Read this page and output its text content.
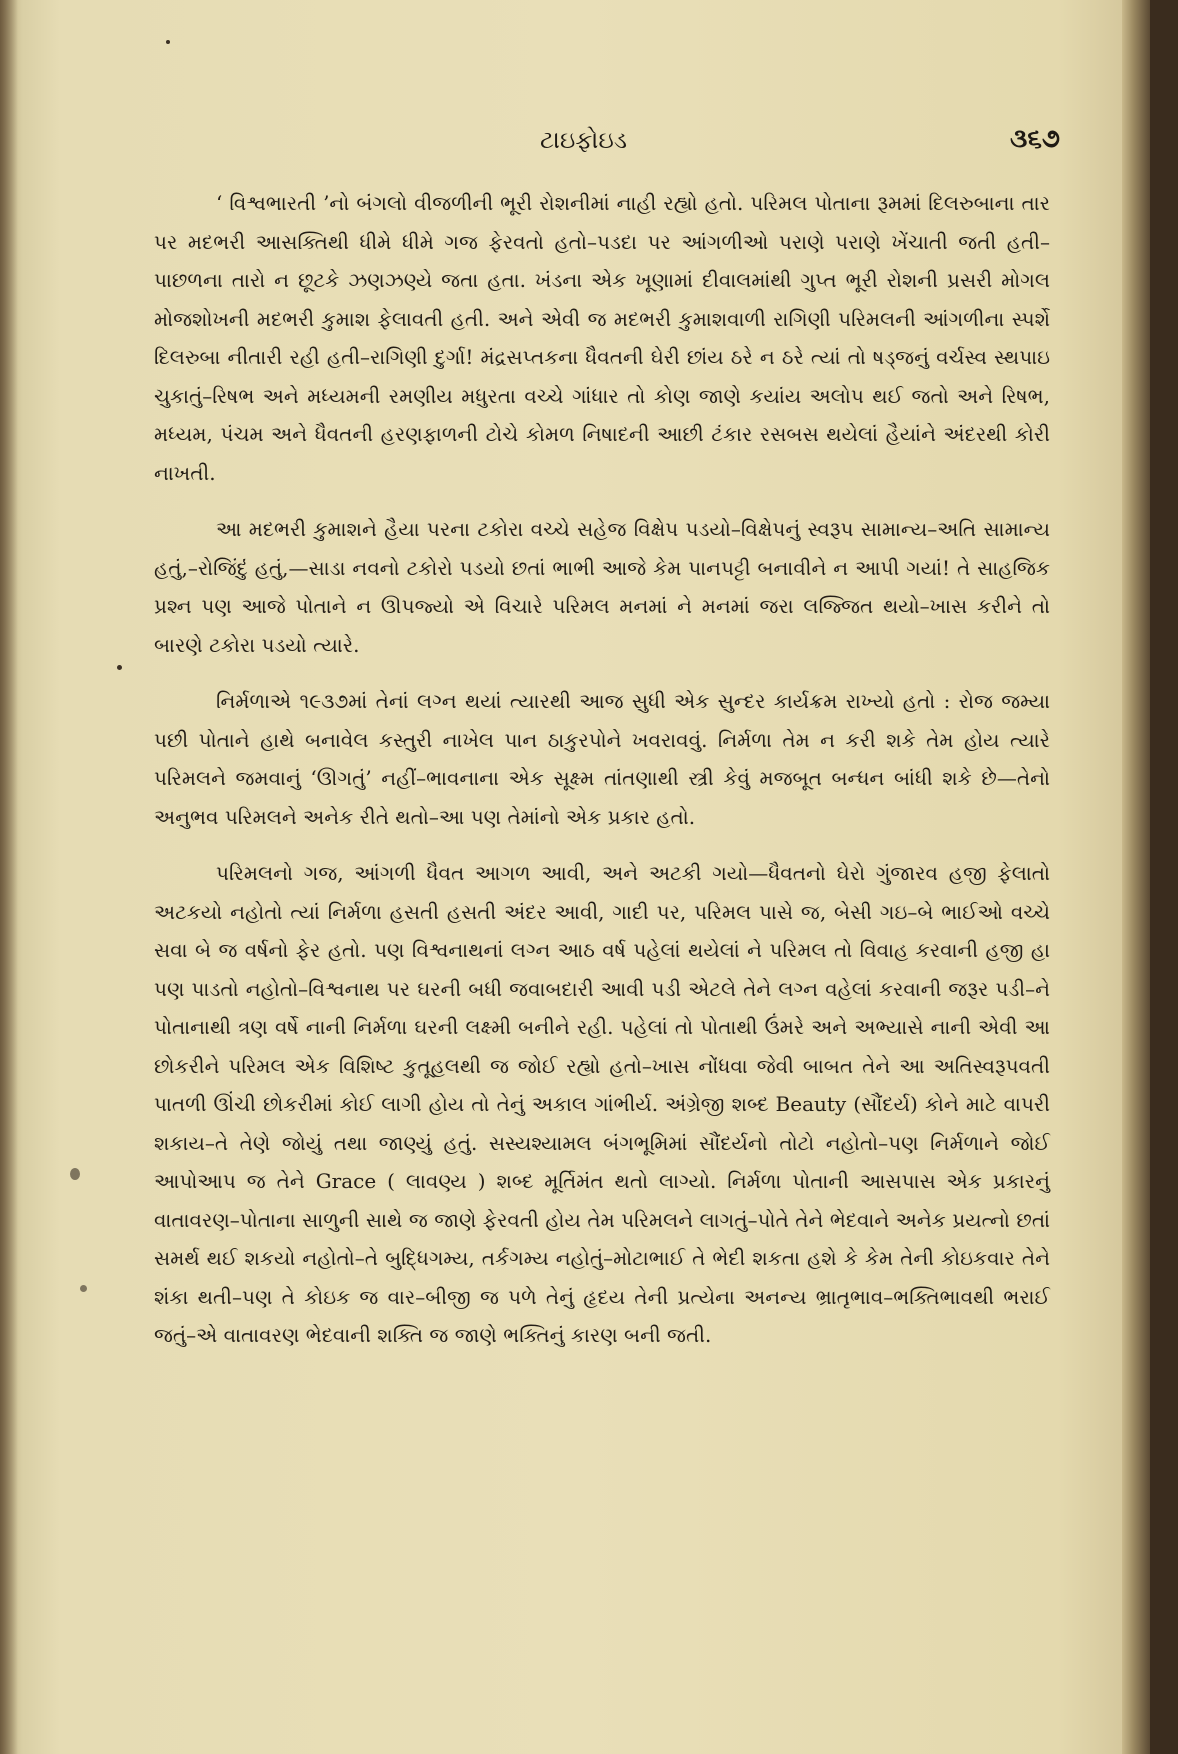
ટાઇફોઇડ	૩૬૭

‘ વિશ્વભારતી ’નો બંગલો વીજળીની ભૂરી રોશનીમાં નાહી રહ્યો હતો. પરિમલ પોતાના રૂમમાં દિલરુબાના તાર પર મદભરી આસક્તિથી ધીમે ધીમે ગજ ફેરવતો હતો–પડદા પર આંગળીઓ પરાણે પરાણે ખેંચાતી જતી હતી–પાછળના તારો ન છૂટકે ઝણઝણ્યે જતા હતા. ખંડના એક ખૂણામાં દીવાલમાંથી ગુપ્ત ભૂરી રોશની પ્રસરી મોગલ મોજશોખની મદભરી કુમાશ ફેલાવતી હતી. અને એવી જ મદભરી કુમાશવાળી રાગિણી પરિમલની આંગળીના સ્પર્શે દિલરુબા નીતારી રહી હતી–રાગિણી દુર્ગા! મંદ્રસપ્તકના ધૈવતની ઘેરી છાંય ઠરે ન ઠરે ત્યાં તો ષડ્જનું વર્ચસ્વ સ્થપાઇ ચુકાતું–રિષભ અને મધ્યમની રમણીય મધુરતા વચ્ચે ગાંધાર તો કોણ જાણે કયાંય અલોપ થઈ જતો અને રિષભ, મધ્યમ, પંચમ અને ધૈવતની હરણફાળની ટોચે કોમળ નિષાદની આછી ટંકાર રસબસ થયેલાં હૈયાંને અંદરથી કોરી નાખતી.

આ મદભરી કુમાશને હૈયા પરના ટકોરા વચ્ચે સહેજ વિક્ષેપ પડયો–વિક્ષેપનું સ્વરૂપ સામાન્ય–અતિ સામાન્ય હતું,–રોજિંદું હતું,—સાડા નવનો ટકોરો પડયો છતાં ભાભી આજે કેમ પાનપટ્ટી બનાવીને ન આપી ગયાં! તે સાહજિક પ્રશ્ન પણ આજે પોતાને ન ઊપજ્યો એ વિચારે પરિમલ મનમાં ને મનમાં જરા લજ્જિત થયો–ખાસ કરીને તો બારણે ટકોરા પડયો ત્યારે.

નિર્મળાએ ૧૯૩૭માં તેનાં લગ્ન થયાં ત્યારથી આજ સુધી એક સુન્દર કાર્યક્રમ રાખ્યો હતો : રોજ જમ્યા પછી પોતાને હાથે બનાવેલ કસ્તુરી નાખેલ પાન ઠાકુરપોને ખવરાવવું. નિર્મળા તેમ ન કરી શકે તેમ હોય ત્યારે પરિમલને જમવાનું ‘ઊગતું’ નહીં–ભાવનાના એક સૂક્ષ્મ તાંતણાથી સ્ત્રી કેવું મજબૂત બન્ધન બાંધી શકે છે—તેનો અનુભવ પરિમલને અનેક રીતે થતો–આ પણ તેમાંનો એક પ્રકાર હતો.

પરિમલનો ગજ, આંગળી ધૈવત આગળ આવી, અને અટકી ગયો—ધૈવતનો ઘેરો ગુંજારવ હજી ફેલાતો અટકયો નહોતો ત્યાં નિર્મળા હસતી હસતી અંદર આવી, ગાદી પર, પરિમલ પાસે જ, બેસી ગઇ–બે ભાઈઓ વચ્ચે સવા બે જ વર્ષનો ફેર હતો. પણ વિશ્વનાથનાં લગ્ન આઠ વર્ષ પહેલાં થયેલાં ને પરિમલ તો વિવાહ કરવાની હજી હા પણ પાડતો નહોતો–વિશ્વનાથ પર ઘરની બધી જવાબદારી આવી પડી એટલે તેને લગ્ન વહેલાં કરવાની જરૂર પડી–ને પોતાનાથી ત્રણ વર્ષે નાની નિર્મળા ઘરની લક્ષ્મી બનીને રહી. પહેલાં તો પોતાથી ઉંમરે અને અભ્યાસે નાની એવી આ છોકરીને પરિમલ એક વિશિષ્ટ કુતૂહલથી જ જોઈ રહ્યો હતો–ખાસ નોંધવા જેવી બાબત તેને આ અતિસ્વરૂપવતી પાતળી ઊંચી છોકરીમાં કોઈ લાગી હોય તો તેનું અકાલ ગાંભીર્ય. અંગ્રેજી શબ્દ Beauty (સૌંદર્ય) કોને માટે વાપરી શકાય–તે તેણે જોયું તથા જાણ્યું હતું. સસ્યશ્યામલ બંગભૂમિમાં સૌંદર્યનો તોટો નહોતો–પણ નિર્મળાને જોઈ આપોઆપ જ તેને Grace ( લાવણ્ય ) શબ્દ મૂર્તિમંત થતો લાગ્યો. નિર્મળા પોતાની આસપાસ એક પ્રકારનું વાતાવરણ–પોતાના સાળુની સાથે જ જાણે ફેરવતી હોય તેમ પરિમલને લાગતું–પોતે તેને ભેદવાને અનેક પ્રયત્નો છતાં સમર્થ થઈ શકયો નહોતો–તે બુદ્ધિગમ્ય, તર્કગમ્ય નહોતું–મોટાભાઈ તે ભેદી શકતા હશે કે કેમ તેની કોઇકવાર તેને શંકા થતી–પણ તે કોઇક જ વાર–બીજી જ પળે તેનું હૃદય તેની પ્રત્યેના અનન્ય ભ્રાતૃભાવ–ભક્તિભાવથી ભરાઈ જતું–એ વાતાવરણ ભેદવાની શક્તિ જ જાણે ભક્તિનું કારણ બની જતી.
